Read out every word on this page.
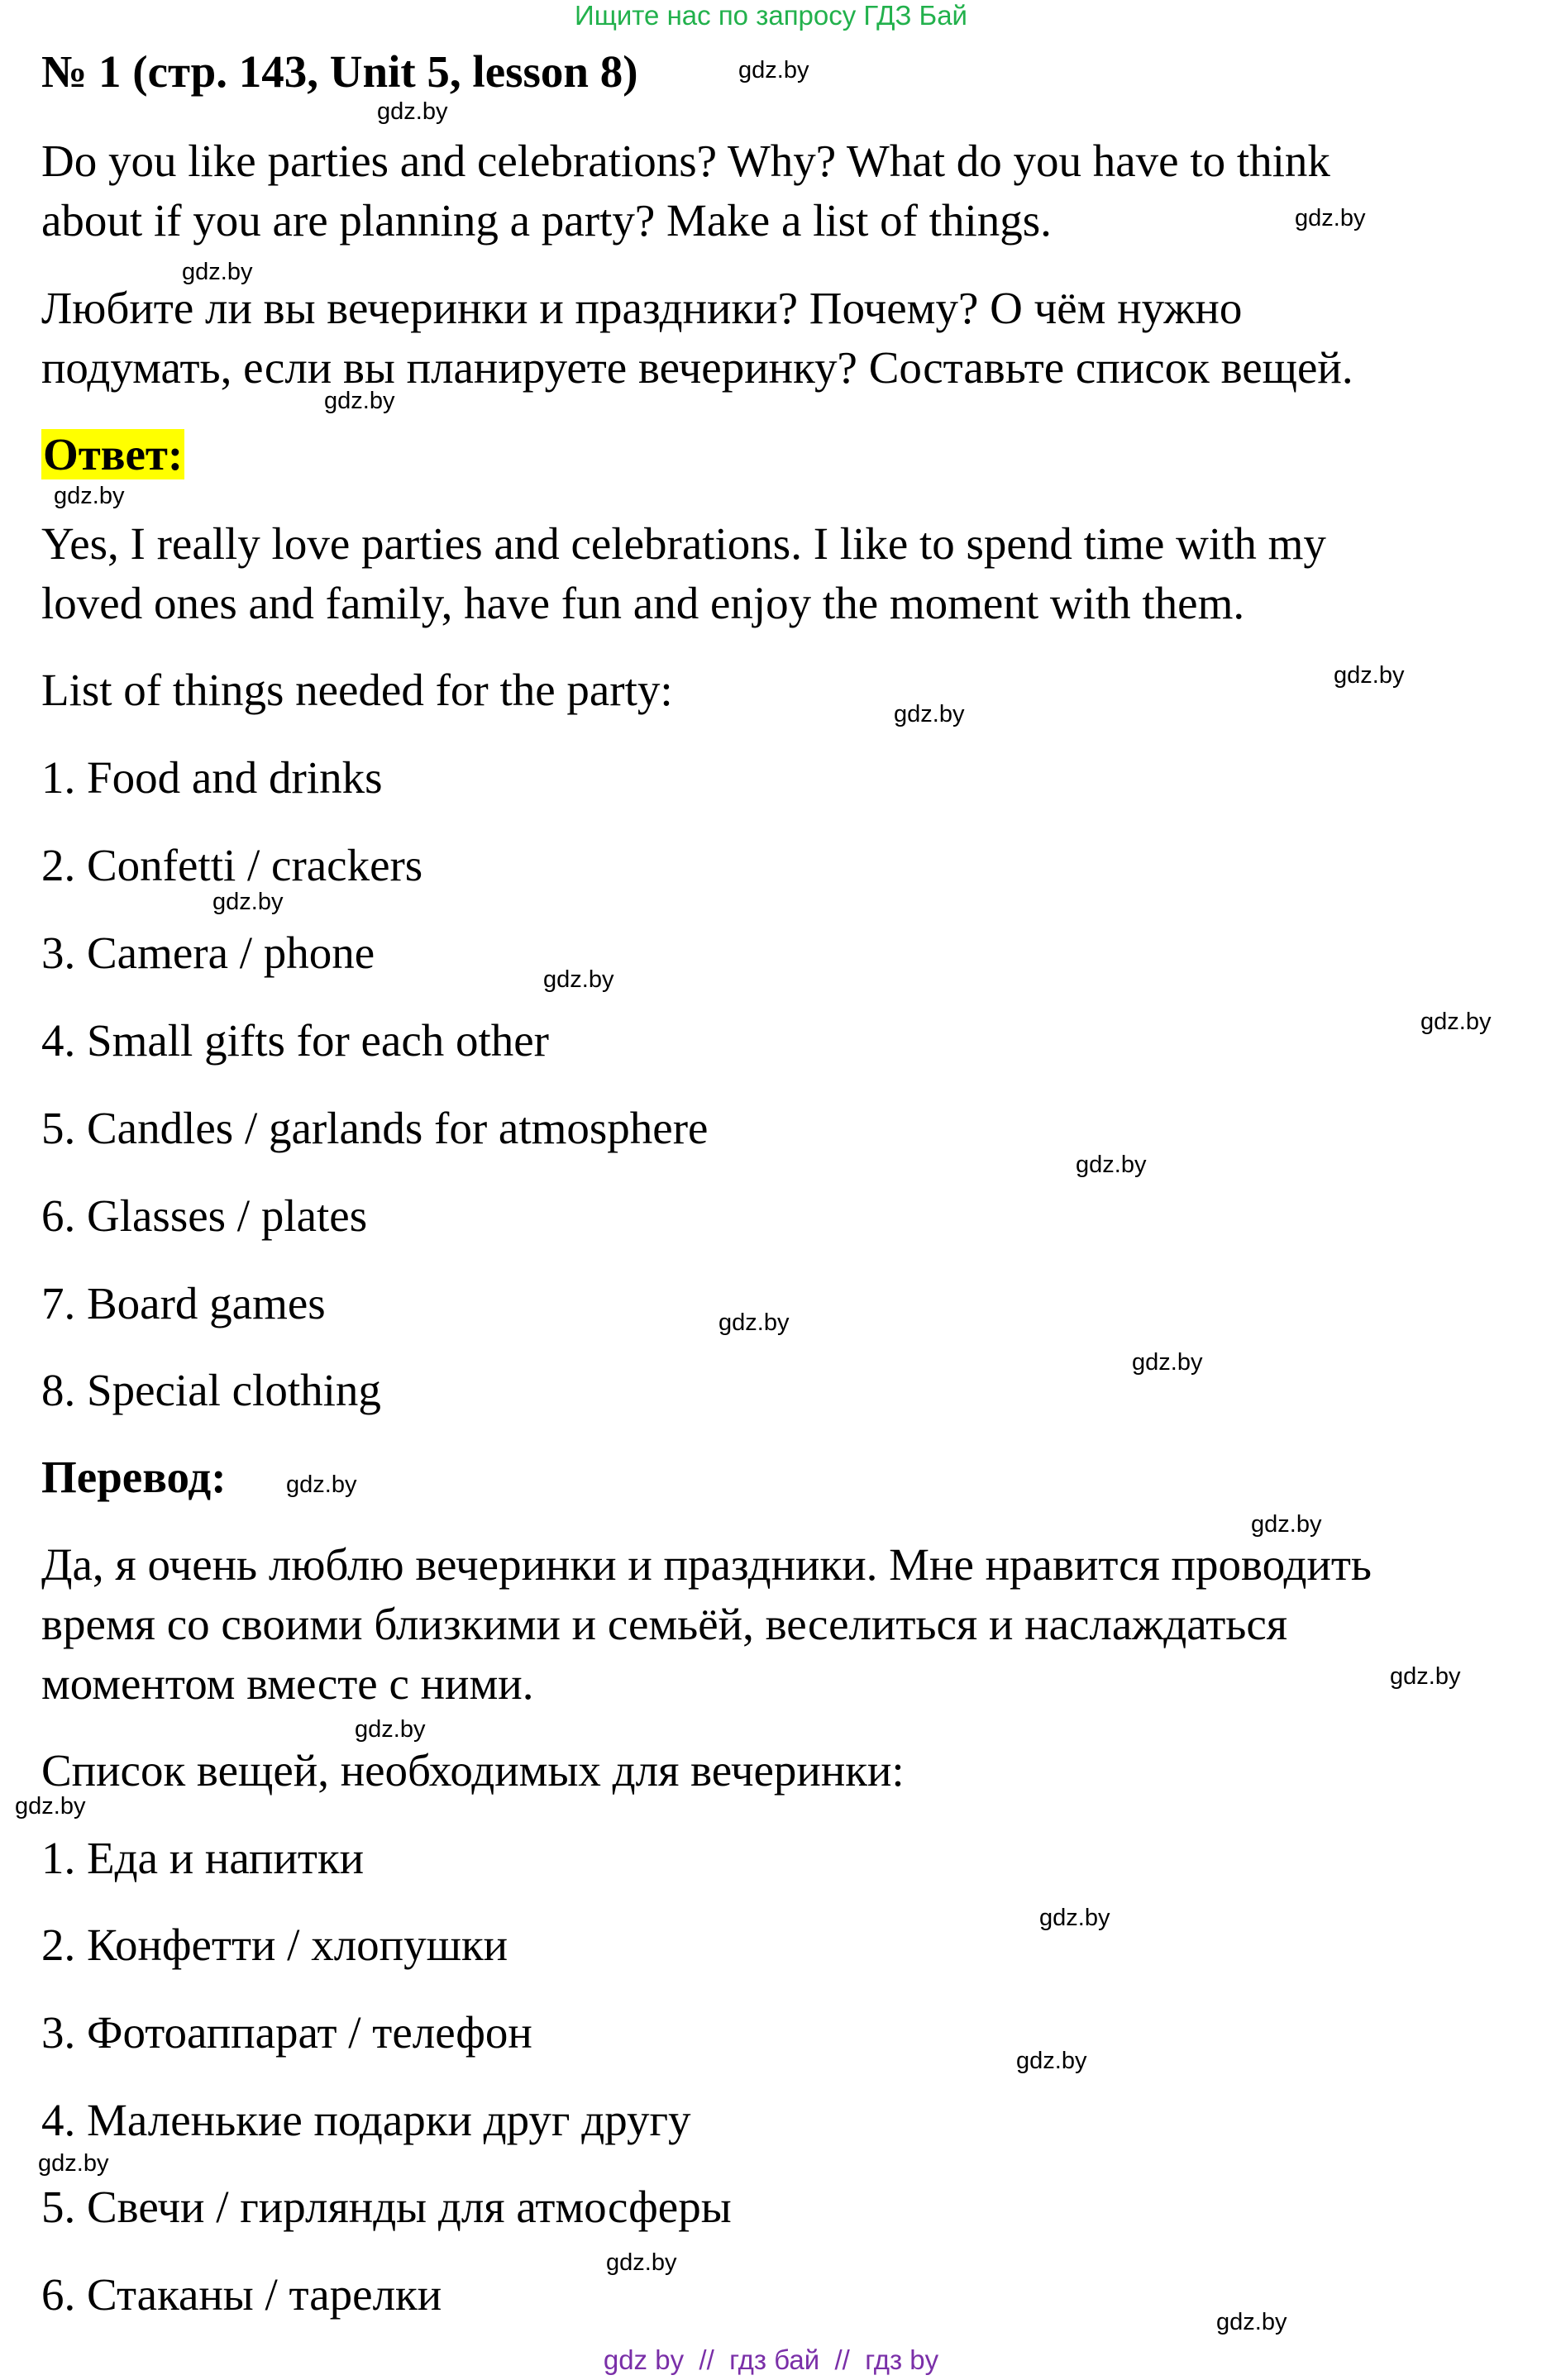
Ищите нас по запросу ГДЗ Бай
№ 1 (стр. 143, Unit 5, lesson 8)
Do you like parties and celebrations? Why? What do you have to think
about if you are planning a party? Make a list of things.
Любите ли вы вечеринки и праздники? Почему? О чём нужно
подумать, если вы планируете вечеринку? Составьте список вещей.
Ответ:
Yes, I really love parties and celebrations. I like to spend time with my
loved ones and family, have fun and enjoy the moment with them.
List of things needed for the party:
1. Food and drinks
2. Confetti / crackers
3. Camera / phone
4. Small gifts for each other
5. Candles / garlands for atmosphere
6. Glasses / plates
7. Board games
8. Special clothing
Перевод:
Да, я очень люблю вечеринки и праздники. Мне нравится проводить
время со своими близкими и семьёй, веселиться и наслаждаться
моментом вместе с ними.
Список вещей, необходимых для вечеринки:
1. Еда и напитки
2. Конфетти / хлопушки
3. Фотоаппарат / телефон
4. Маленькие подарки друг другу
5. Свечи / гирлянды для атмосферы
6. Стаканы / тарелки
gdz.by
gdz.by
gdz.by
gdz.by
gdz.by
gdz.by
gdz.by
gdz.by
gdz.by
gdz.by
gdz.by
gdz.by
gdz.by
gdz.by
gdz.by
gdz.by
gdz.by
gdz.by
gdz.by
gdz.by
gdz.by
gdz.by
gdz.by
gdz.by
gdz by // гдз бай // гдз by
